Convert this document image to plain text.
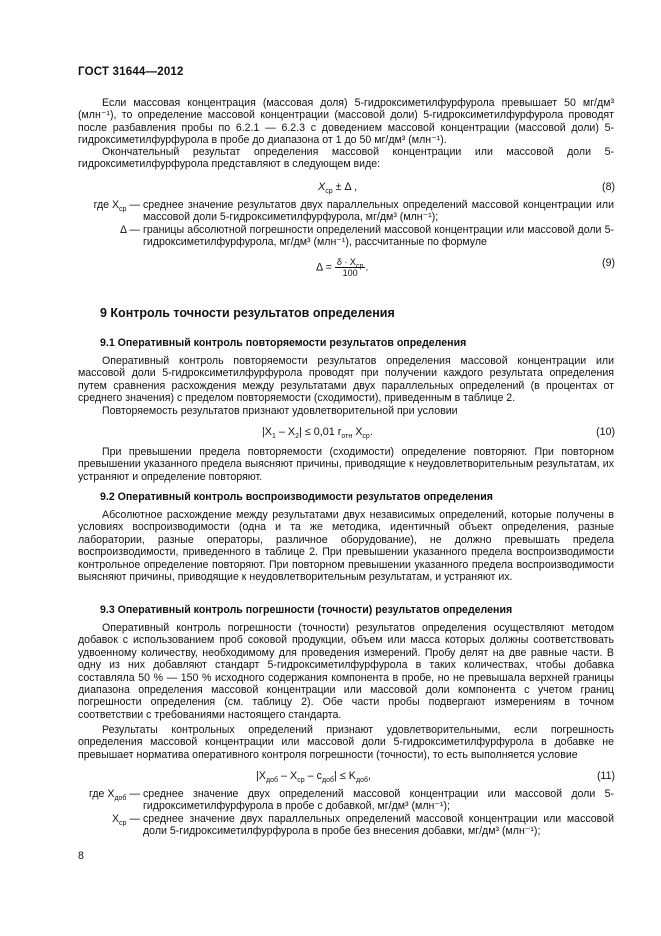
ГОСТ 31644—2012
Если массовая концентрация (массовая доля) 5-гидроксиметилфурфурола превышает 50 мг/дм³ (млн⁻¹), то определение массовой концентрации (массовой доли) 5-гидроксиметилфурфурола проводят после разбавления пробы по 6.2.1 — 6.2.3 с доведением массовой концентрации (массовой доли) 5-гидроксиметилфурфурола в пробе до диапазона от 1 до 50 мг/дм³ (млн⁻¹).
Окончательный результат определения массовой концентрации или массовой доли 5-гидроксиметилфурфурола представляют в следующем виде:
$X_{ср} \pm \Delta$ ,	(8)
где $X_{ср}$ — среднее значение результатов двух параллельных определений массовой концентрации или массовой доли 5-гидроксиметилфурфурола, мг/дм³ (млн⁻¹);
Δ — границы абсолютной погрешности определений массовой концентрации или массовой доли 5-гидроксиметилфурфурола, мг/дм³ (млн⁻¹), рассчитанные по формуле
$\Delta = \frac{\delta \cdot X_{ср}}{100}$ .	(9)
9 Контроль точности результатов определения
9.1 Оперативный контроль повторяемости результатов определения
Оперативный контроль повторяемости результатов определения массовой концентрации или массовой доли 5-гидроксиметилфурфурола проводят при получении каждого результата определения путем сравнения расхождения между результатами двух параллельных определений (в процентах от среднего значения) с пределом повторяемости (сходимости), приведенным в таблице 2.
Повторяемость результатов признают удовлетворительной при условии
$|X_1 - X_2| \le 0,01$ $r_{отн}$ $X_{ср}$.	(10)
При превышении предела повторяемости (сходимости) определение повторяют. При повторном превышении указанного предела выясняют причины, приводящие к неудовлетворительным результатам, их устраняют и определение повторяют.
9.2 Оперативный контроль воспроизводимости результатов определения
Абсолютное расхождение между результатами двух независимых определений, которые получены в условиях воспроизводимости (одна и та же методика, идентичный объект определения, разные лаборатории, разные операторы, различное оборудование), не должно превышать предела воспроизводимости, приведенного в таблице 2. При превышении указанного предела воспроизводимости контрольное определение повторяют. При повторном превышении указанного предела воспроизводимости выясняют причины, приводящие к неудовлетворительным результатам, и устраняют их.
9.3 Оперативный контроль погрешности (точности) результатов определения
Оперативный контроль погрешности (точности) результатов определения осуществляют методом добавок с использованием проб соковой продукции, объем или масса которых должны соответствовать удвоенному количеству, необходимому для проведения измерений. Пробу делят на две равные части. В одну из них добавляют стандарт 5-гидроксиметилфурфурола в таких количествах, чтобы добавка составляла 50 % — 150 % исходного содержания компонента в пробе, но не превышала верхней границы диапазона определения массовой концентрации или массовой доли компонента с учетом границ погрешности определения (см. таблицу 2). Обе части пробы подвергают измерениям в точном соответствии с требованиями настоящего стандарта.
Результаты контрольных определений признают удовлетворительными, если погрешность определения массовой концентрации или массовой доли 5-гидроксиметилфурфурола в добавке не превышает норматива оперативного контроля погрешности (точности), то есть выполняется условие
$|X_{доб} - X_{ср} - c_{доб}| \le K_{доб}$,	(11)
где $X_{доб}$ — среднее значение двух определений массовой концентрации или массовой доли 5-гидроксиметилфурфурола в пробе с добавкой, мг/дм³ (млн⁻¹);
$X_{ср}$ — среднее значение двух параллельных определений массовой концентрации или массовой доли 5-гидроксиметилфурфурола в пробе без внесения добавки, мг/дм³ (млн⁻¹);
8
